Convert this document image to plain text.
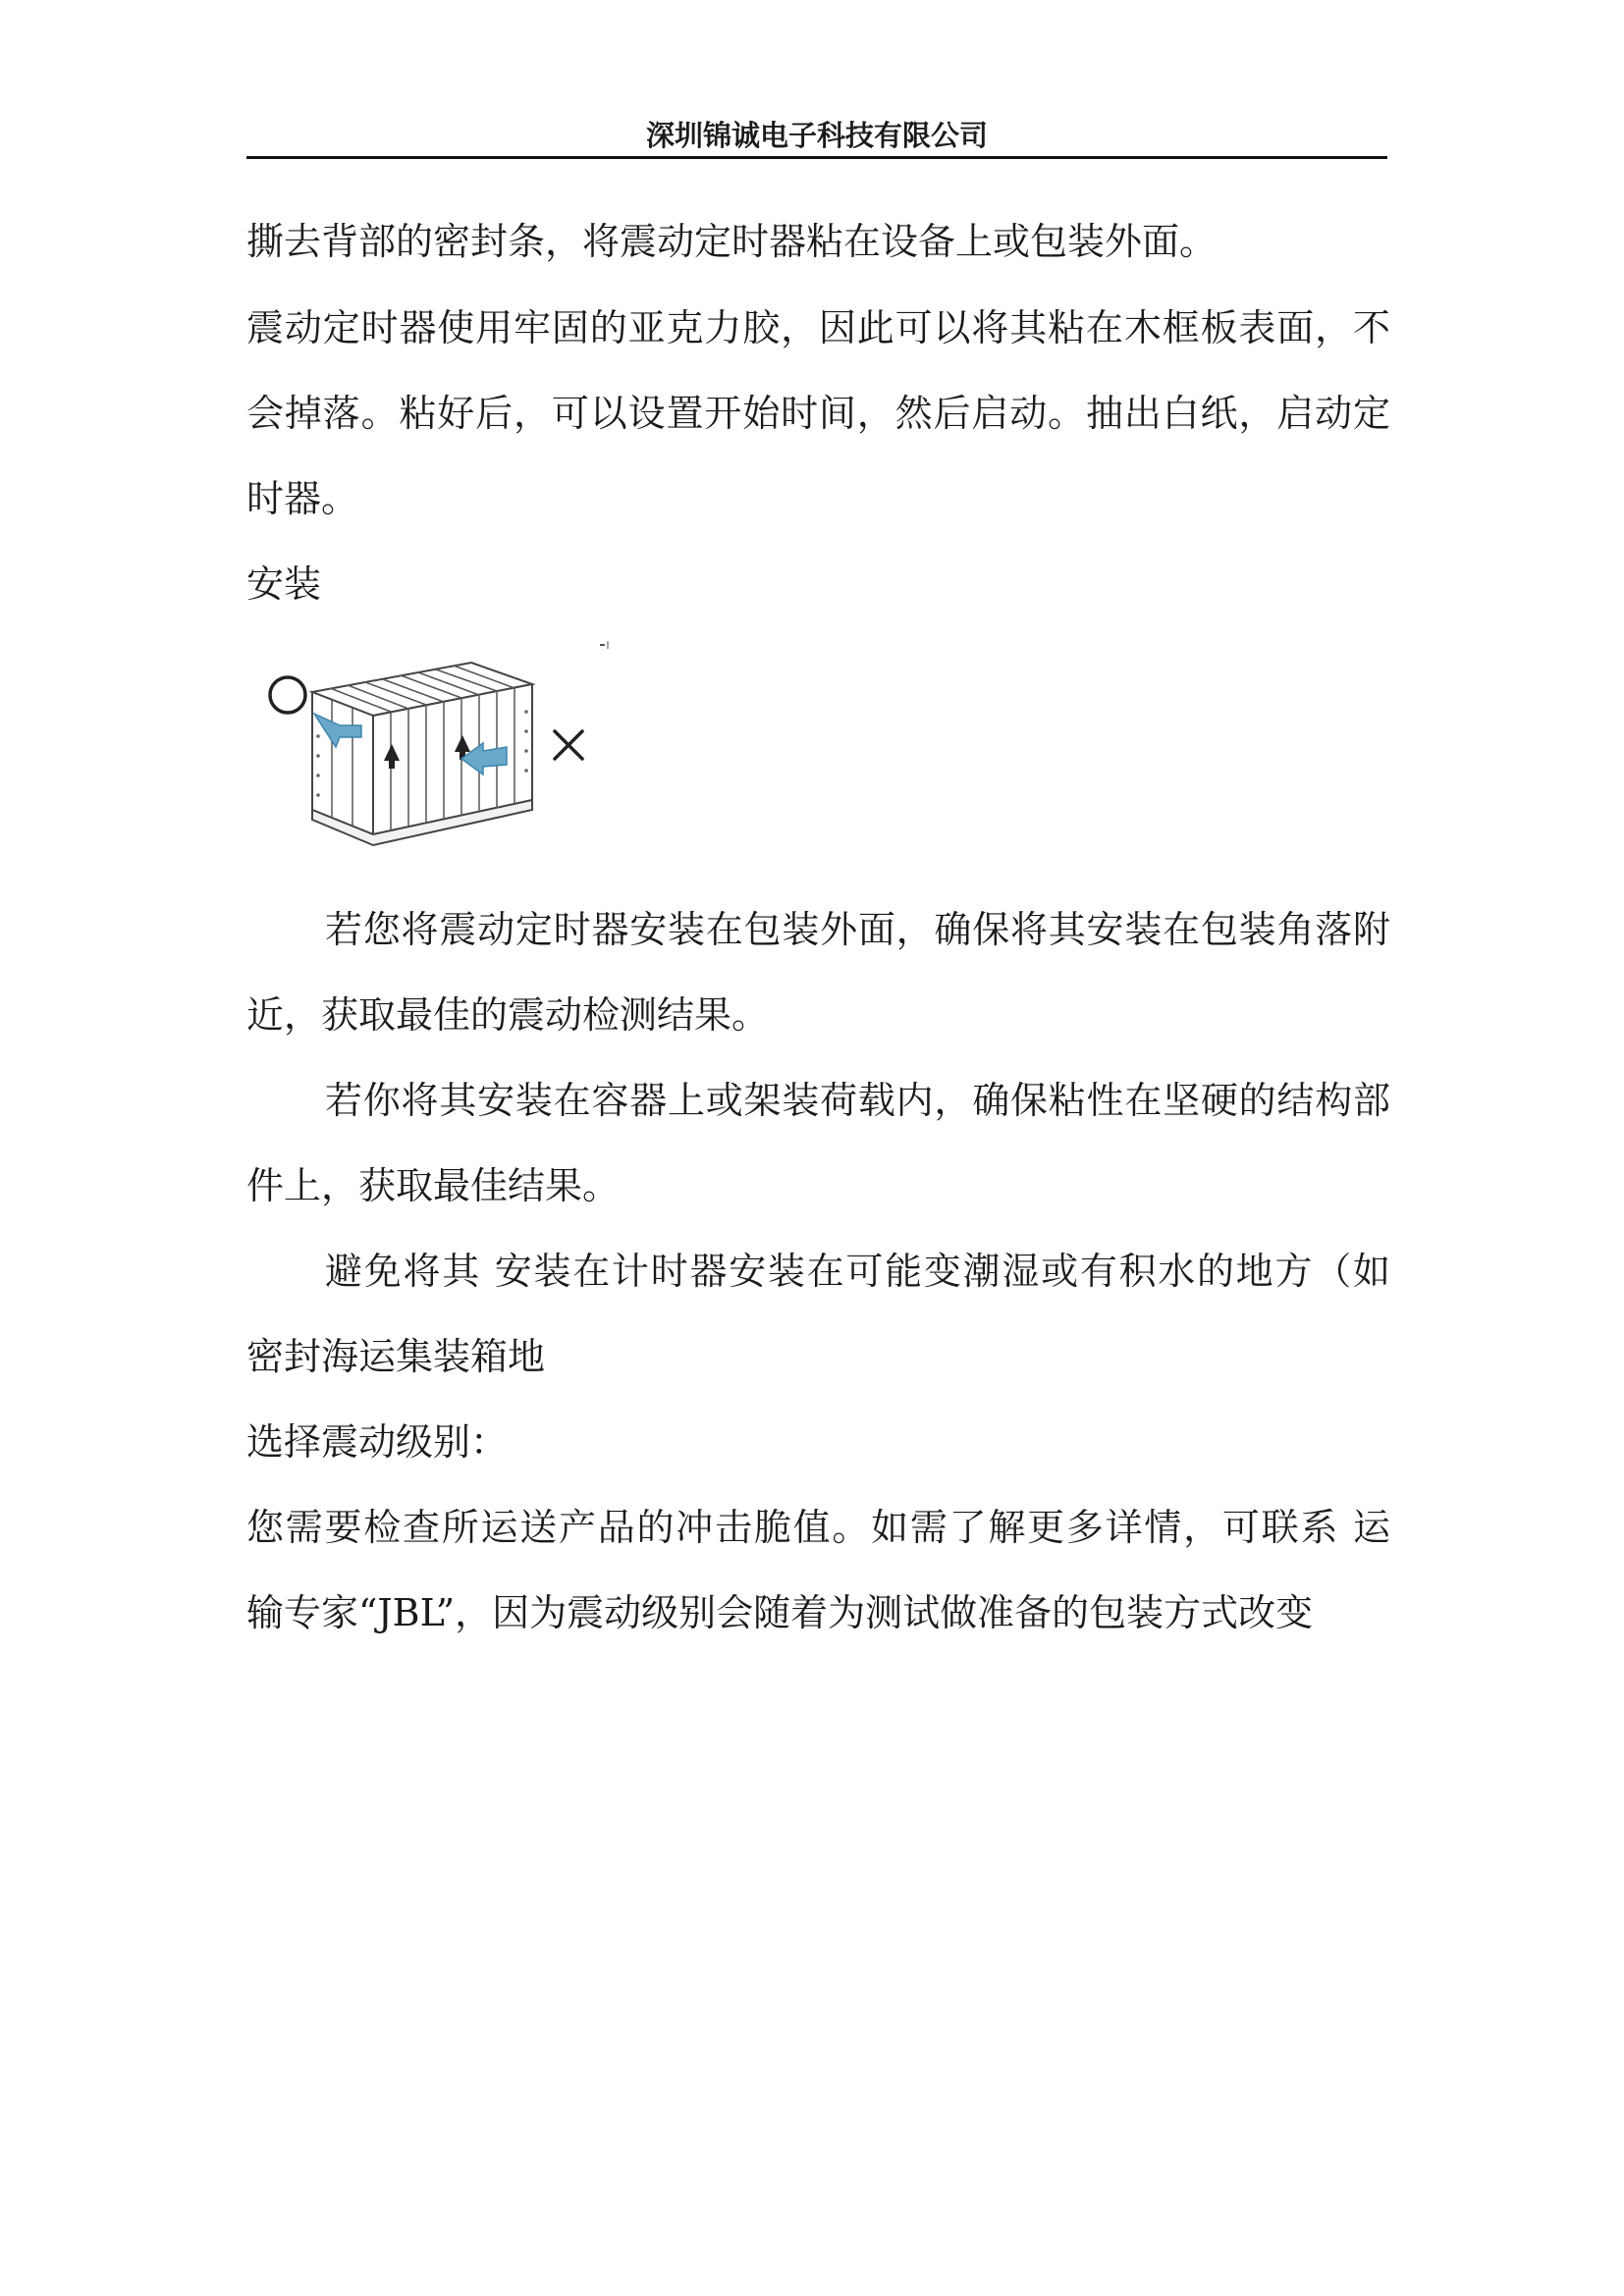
深圳锦诚电子科技有限公司
撕去背部的密封条，将震动定时器粘在设备上或包装外面。
震动定时器使用牢固的亚克力胶，因此可以将其粘在木框板表面，不
会掉落。粘好后，可以设置开始时间，然后启动。抽出白纸，启动定
时器。
安装
若您将震动定时器安装在包装外面，确保将其安装在包装角落附
近，获取最佳的震动检测结果。
若你将其安装在容器上或架装荷载内，确保粘性在坚硬的结构部
件上，获取最佳结果。
避免将其 安装在计时器安装在可能变潮湿或有积水的地方（如
密封海运集装箱地
选择震动级别：
您需要检查所运送产品的冲击脆值。如需了解更多详情，可联系 运
输专家“JBL”，因为震动级别会随着为测试做准备的包装方式改变
